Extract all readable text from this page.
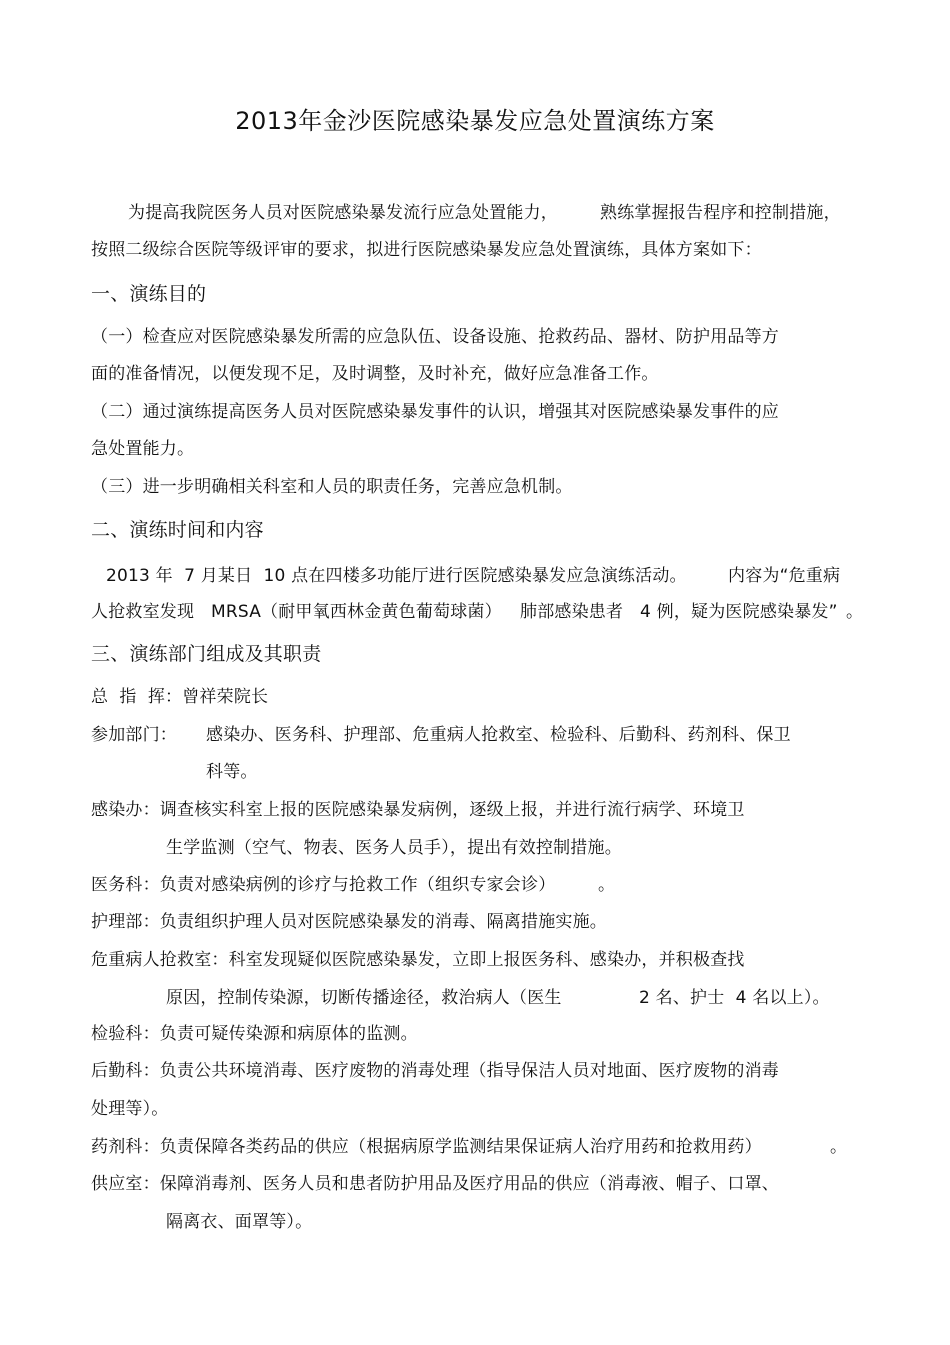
2013年金沙医院感染暴发应急处置演练方案
为提高我院医务人员对医院感染暴发流行应急处置能力， 熟练掌握报告程序和控制措施，
按照二级综合医院等级评审的要求，拟进行医院感染暴发应急处置演练，具体方案如下：
一、演练目的
（一）检查应对医院感染暴发所需的应急队伍、设备设施、抢救药品、器材、防护用品等方
面的准备情况，以便发现不足，及时调整，及时补充，做好应急准备工作。
（二）通过演练提高医务人员对医院感染暴发事件的认识，增强其对医院感染暴发事件的应
急处置能力。
（三）进一步明确相关科室和人员的职责任务，完善应急机制。
二、演练时间和内容
2013 年  7 月某日  10 点在四楼多功能厅进行医院感染暴发应急演练活动。 内容为“危重病
人抢救室发现   MRSA（耐甲氧西林金黄色葡萄球菌） 肺部感染患者   4 例，疑为医院感染暴发” 。
三、演练部门组成及其职责
总  指  挥：曾祥荣院长
参加部门： 感染办、医务科、护理部、危重病人抢救室、检验科、后勤科、药剂科、保卫
科等。
感染办：调查核实科室上报的医院感染暴发病例，逐级上报，并进行流行病学、环境卫
生学监测（空气、物表、医务人员手），提出有效控制措施。
医务科：负责对感染病例的诊疗与抢救工作（组织专家会诊）	。
护理部：负责组织护理人员对医院感染暴发的消毒、隔离措施实施。
危重病人抢救室：科室发现疑似医院感染暴发，立即上报医务科、感染办，并积极查找
原因，控制传染源，切断传播途径，救治病人（医生	2 名、护士  4 名以上）。
检验科：负责可疑传染源和病原体的监测。
后勤科：负责公共环境消毒、医疗废物的消毒处理（指导保洁人员对地面、医疗废物的消毒
处理等）。
药剂科：负责保障各类药品的供应（根据病原学监测结果保证病人治疗用药和抢救用药）	。
供应室：保障消毒剂、医务人员和患者防护用品及医疗用品的供应（消毒液、帽子、口罩、
隔离衣、面罩等）。
